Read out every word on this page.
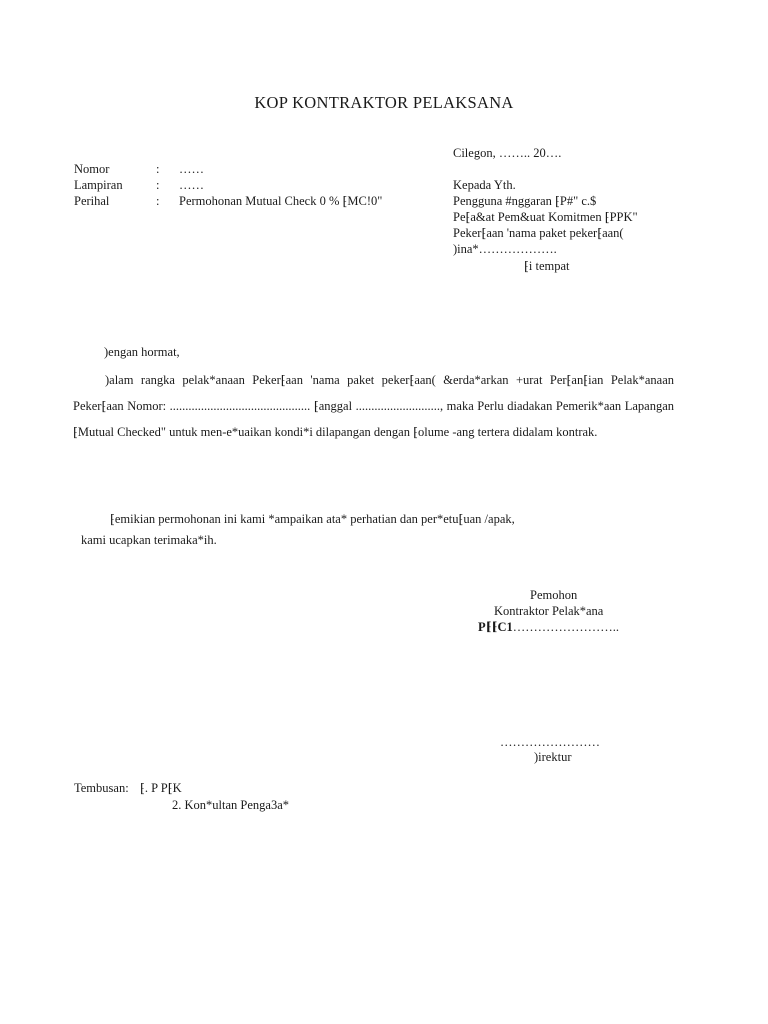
KOP KONTRAKTOR PELAKSANA
Cilegon, …….. 20….
Nomor	: ……
Lampiran	: ……
Perihal	: Permohonan Mutual Check 0 % ⁅MC!0"
Kepada Yth.
Pengguna #nggaran ⁅P#" c.$
Pe⁅a&at Pem&uat Komitmen ⁅PPK"
Peker⁅aan 'nama paket peker⁅aan(
)ina*……………….
⁅i tempat
)engan hormat,
)alam rangka pelak*anaan Peker⁅aan 'nama paket peker⁅aan( &erda*arkan +urat Per⁅an⁅ian Pelak*anaan Peker⁅aan Nomor: ............................................. ⁅anggal ..........................., maka Perlu diadakan Pemerik*aan Lapangan ⁅Mutual Checked" untuk men-e*uaikan kondi*i dilapangan dengan ⁅olume -ang tertera didalam kontrak.
⁅emikian permohonan ini kami *ampaikan ata* perhatian dan per*etu⁅uan /apak,
kami ucapkan terimaka*ih.
Pemohon
Kontraktor Pelak*ana
P⁅⁅C1……………………..
……………………
)irektur
Tembusan: ⁅. P P⁅K
2. Kon*ultan Penga3a*
